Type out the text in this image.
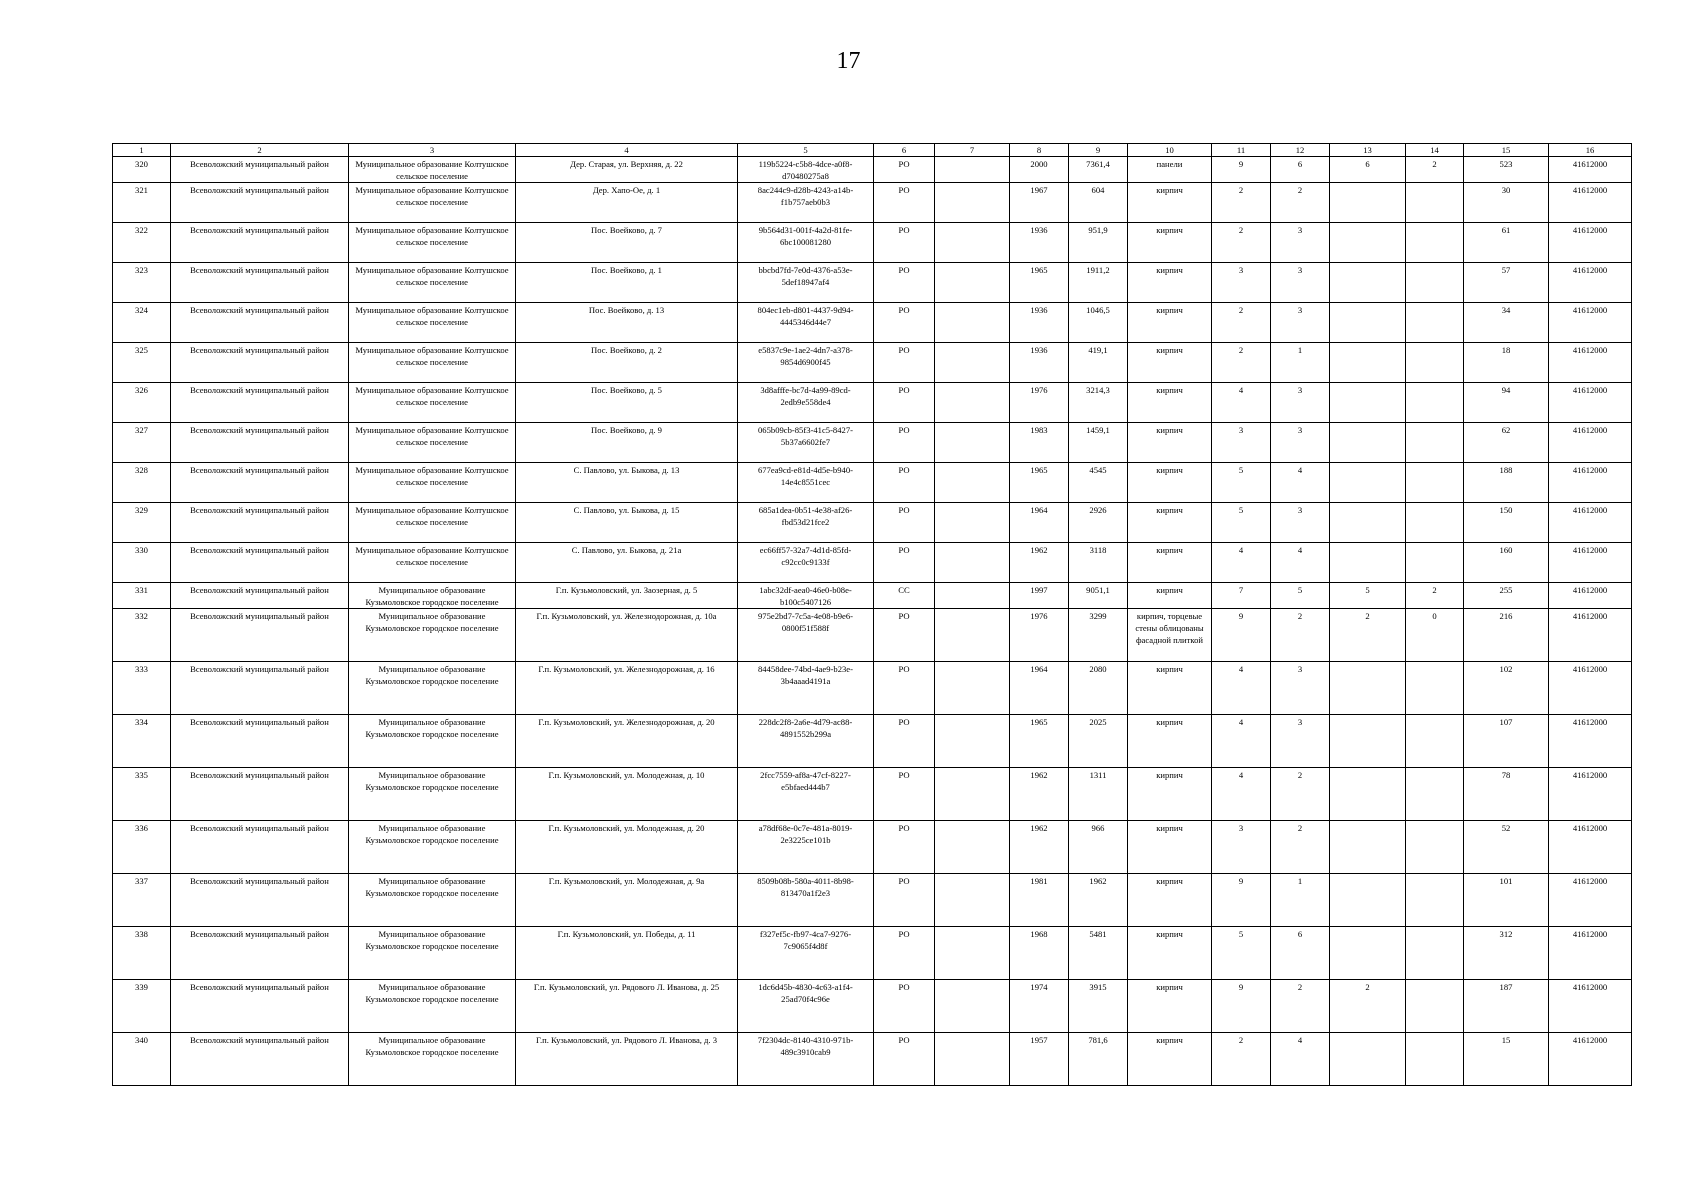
17
1	2	3	4	5	6	7	8	9	10	11	12	13	14	15	16
320	Всеволожский муниципальный район	Муниципальное образование Колтушское сельское поселение	Дер. Старая, ул. Верхняя, д. 22	119b5224-c5b8-4dce-a0f8-d70480275a8	РО		2000	7361,4	панели	9	6	6	2	523	41612000
321	Всеволожский муниципальный район	Муниципальное образование Колтушское сельское поселение	Дер. Хапо-Ое, д. 1	8ac244c9-d28b-4243-a14b-f1b757aeb0b3	РО		1967	604	кирпич	2	2			30	41612000
322	Всеволожский муниципальный район	Муниципальное образование Колтушское сельское поселение	Пос. Воейково, д. 7	9b564d31-001f-4a2d-81fe-6bc100081280	РО		1936	951,9	кирпич	2	3			61	41612000
323	Всеволожский муниципальный район	Муниципальное образование Колтушское сельское поселение	Пос. Воейково, д. 1	bbcbd7fd-7e0d-4376-a53e-5def18947af4	РО		1965	1911,2	кирпич	3	3			57	41612000
324	Всеволожский муниципальный район	Муниципальное образование Колтушское сельское поселение	Пос. Воейково, д. 13	804ec1eb-d801-4437-9d94-4445346d44e7	РО		1936	1046,5	кирпич	2	3			34	41612000
325	Всеволожский муниципальный район	Муниципальное образование Колтушское сельское поселение	Пос. Воейково, д. 2	e5837c9e-1ae2-4dn7-a378-9854d6900f45	РО		1936	419,1	кирпич	2	1			18	41612000
326	Всеволожский муниципальный район	Муниципальное образование Колтушское сельское поселение	Пос. Воейково, д. 5	3d8afffe-bc7d-4a99-89cd-2edb9e558de4	РО		1976	3214,3	кирпич	4	3			94	41612000
327	Всеволожский муниципальный район	Муниципальное образование Колтушское сельское поселение	Пос. Воейково, д. 9	065b09cb-85f3-41c5-8427-5b37a6602fe7	РО		1983	1459,1	кирпич	3	3			62	41612000
328	Всеволожский муниципальный район	Муниципальное образование Колтушское сельское поселение	С. Павлово, ул. Быкова, д. 13	677ea9cd-e81d-4d5e-b940-14e4c8551cec	РО		1965	4545	кирпич	5	4			188	41612000
329	Всеволожский муниципальный район	Муниципальное образование Колтушское сельское поселение	С. Павлово, ул. Быкова, д. 15	685a1dea-0b51-4e38-af26-fbd53d21fce2	РО		1964	2926	кирпич	5	3			150	41612000
330	Всеволожский муниципальный район	Муниципальное образование Колтушское сельское поселение	С. Павлово, ул. Быкова, д. 21а	ec66ff57-32a7-4d1d-85fd-c92cc0c9133f	РО		1962	3118	кирпич	4	4			160	41612000
331	Всеволожский муниципальный район	Муниципальное образование Кузьмоловское городское поселение	Г.п. Кузьмоловский, ул. Заозерная, д. 5	1abc32df-aea0-46e0-b08e-b100c5407126	СС		1997	9051,1	кирпич	7	5	5	2	255	41612000
332	Всеволожский муниципальный район	Муниципальное образование Кузьмоловское городское поселение	Г.п. Кузьмоловский, ул. Железнодорожная, д. 10а	975e2bd7-7c5a-4e08-b9e6-0800f51f588f	РО		1976	3299	кирпич, торцевые стены облицованы фасадной плиткой	9	2	2	0	216	41612000
333	Всеволожский муниципальный район	Муниципальное образование Кузьмоловское городское поселение	Г.п. Кузьмоловский, ул. Железнодорожная, д. 16	84458dee-74bd-4ae9-b23e-3b4aaad4191a	РО		1964	2080	кирпич	4	3			102	41612000
334	Всеволожский муниципальный район	Муниципальное образование Кузьмоловское городское поселение	Г.п. Кузьмоловский, ул. Железнодорожная, д. 20	228dc2f8-2a6e-4d79-ac88-4891552b299a	РО		1965	2025	кирпич	4	3			107	41612000
335	Всеволожский муниципальный район	Муниципальное образование Кузьмоловское городское поселение	Г.п. Кузьмоловский, ул. Молодежная, д. 10	2fcc7559-af8a-47cf-8227-e5bfaed444b7	РО		1962	1311	кирпич	4	2			78	41612000
336	Всеволожский муниципальный район	Муниципальное образование Кузьмоловское городское поселение	Г.п. Кузьмоловский, ул. Молодежная, д. 20	a78df68e-0c7e-481a-8019-2e3225ce101b	РО		1962	966	кирпич	3	2			52	41612000
337	Всеволожский муниципальный район	Муниципальное образование Кузьмоловское городское поселение	Г.п. Кузьмоловский, ул. Молодежная, д. 9а	8509b08b-580a-4011-8b98-813470a1f2e3	РО		1981	1962	кирпич	9	1			101	41612000
338	Всеволожский муниципальный район	Муниципальное образование Кузьмоловское городское поселение	Г.п. Кузьмоловский, ул. Победы, д. 11	f327ef5c-fb97-4ca7-9276-7c9065f4d8f	РО		1968	5481	кирпич	5	6			312	41612000
339	Всеволожский муниципальный район	Муниципальное образование Кузьмоловское городское поселение	Г.п. Кузьмоловский, ул. Рядового Л. Иванова, д. 25	1dc6d45b-4830-4c63-a1f4-25ad70f4c96e	РО		1974	3915	кирпич	9	2	2		187	41612000
340	Всеволожский муниципальный район	Муниципальное образование Кузьмоловское городское поселение	Г.п. Кузьмоловский, ул. Рядового Л. Иванова, д. 3	7f2304dc-8140-4310-971b-489c3910cab9	РО		1957	781,6	кирпич	2	4			15	41612000
